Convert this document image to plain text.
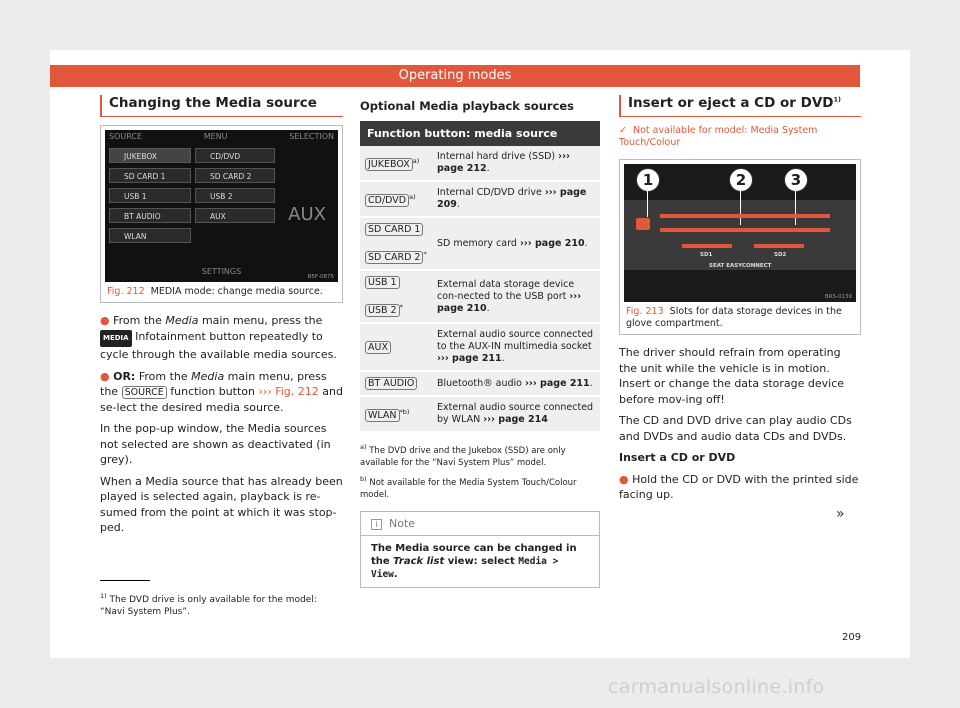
Operating modes
Changing the Media source
SOURCE	MENU	SELECTION
JUKEBOX
SD CARD 1
USB 1
BT AUDIO
WLAN
CD/DVD
SD CARD 2
USB 2
AUX	AUX
SETTINGS
B5F-0875
Fig. 212 MEDIA mode: change media source.

● From the Media main menu, press the MEDIA Infotainment button repeatedly to cycle through the available media sources.

● OR: From the Media main menu, press the SOURCE function button ››› Fig. 212 and se-lect the desired media source.

In the pop-up window, the Media sources not selected are shown as deactivated (in grey).

When a Media source that has already been played is selected again, playback is re-sumed from the point at which it was stop-ped.

Optional Media playback sources
Function button: media source	
JUKEBOX $^{a)}$	Internal hard drive (SSD) ››› page 212.
CD/DVD $^{a)}$	Internal CD/DVD drive ››› page 209.
SD CARD 1

SD CARD 2 *	SD memory card ››› page 210.
USB 1

USB 2 *	External data storage device con-nected to the USB port ››› page 210.
AUX	External audio source connected to the AUX-IN multimedia socket ››› page 211.
BT AUDIO	Bluetooth® audio ››› page 211.
WLAN $^{*b)}$	External audio source connected by WLAN ››› page 214

$^{a)}$ The DVD drive and the Jukebox (SSD) are only available for the “Navi System Plus” model.

$^{b)}$ Not available for the Media System Touch/Colour model.

i Note
The Media source can be changed in the Track list view: select Media > View.
Insert or eject a CD or DVD$^{1)}$

✓ Not available for model: Media System Touch/Colour

1	2	3
SD1	SD2
SEAT EASYCONNECT
BRS-0139
Fig. 213 Slots for data storage devices in the glove compartment.

The driver should refrain from operating the unit while the vehicle is in motion. Insert or change the data storage device before mov-ing off!

The CD and DVD drive can play audio CDs and DVDs and audio data CDs and DVDs.

Insert a CD or DVD

● Hold the CD or DVD with the printed side facing up.

»
$^{1)}$ The DVD drive is only available for the model: “Navi System Plus”.
209
carmanualsonline.info
